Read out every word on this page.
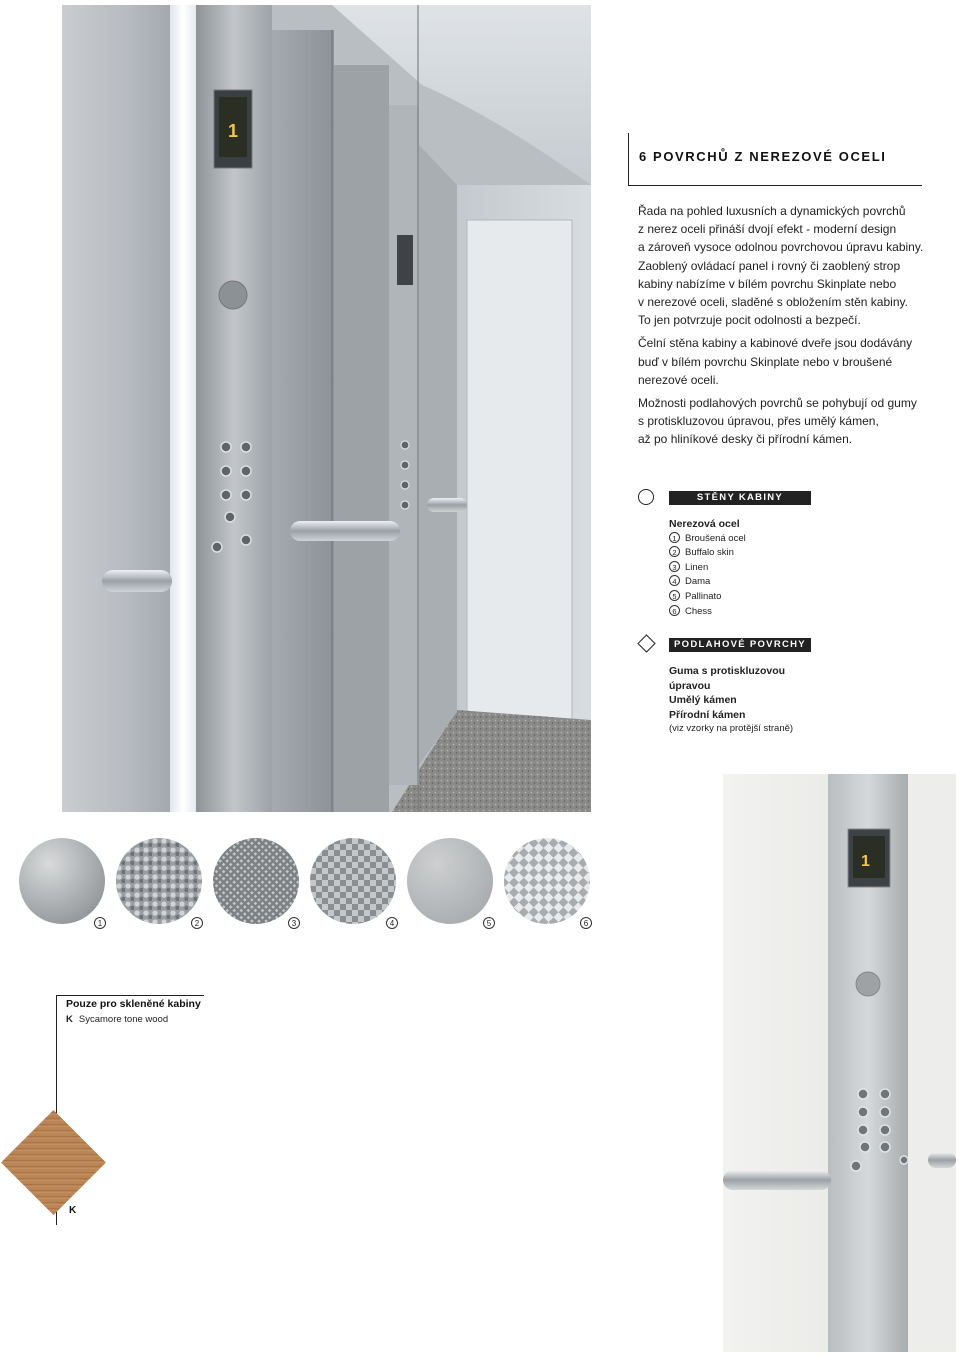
1
6 POVRCHŮ Z NEREZOVÉ OCELI

Řada na pohled luxusních a dynamických povrchů
z nerez oceli přináší dvojí efekt - moderní design
a zároveň vysoce odolnou povrchovou úpravu kabiny.
Zaoblený ovládací panel i rovný či zaoblený strop
kabiny nabízíme v bílém povrchu Skinplate nebo
v nerezové oceli, sladěné s obložením stěn kabiny.
To jen potvrzuje pocit odolnosti a bezpečí.

Čelní stěna kabiny a kabinové dveře jsou dodávány
buď v bílém povrchu Skinplate nebo v broušené
nerezové oceli.

Možnosti podlahových povrchů se pohybují od gumy
s protiskluzovou úpravou, přes umělý kámen,
až po hliníkové desky či přírodní kámen.

STĚNY KABINY
Nerezová ocel
1 Broušená ocel
2 Buffalo skin
3 Linen
4 Dama
5 Pallinato
6 Chess
PODLAHOVÉ POVRCHY
Guma s protiskluzovou
úpravou
Umělý kámen
Přírodní kámen
(viz vzorky na protější straně)
1	2	3	4	5	6
Pouze pro skleněné kabiny
K Sycamore tone wood
K
1
